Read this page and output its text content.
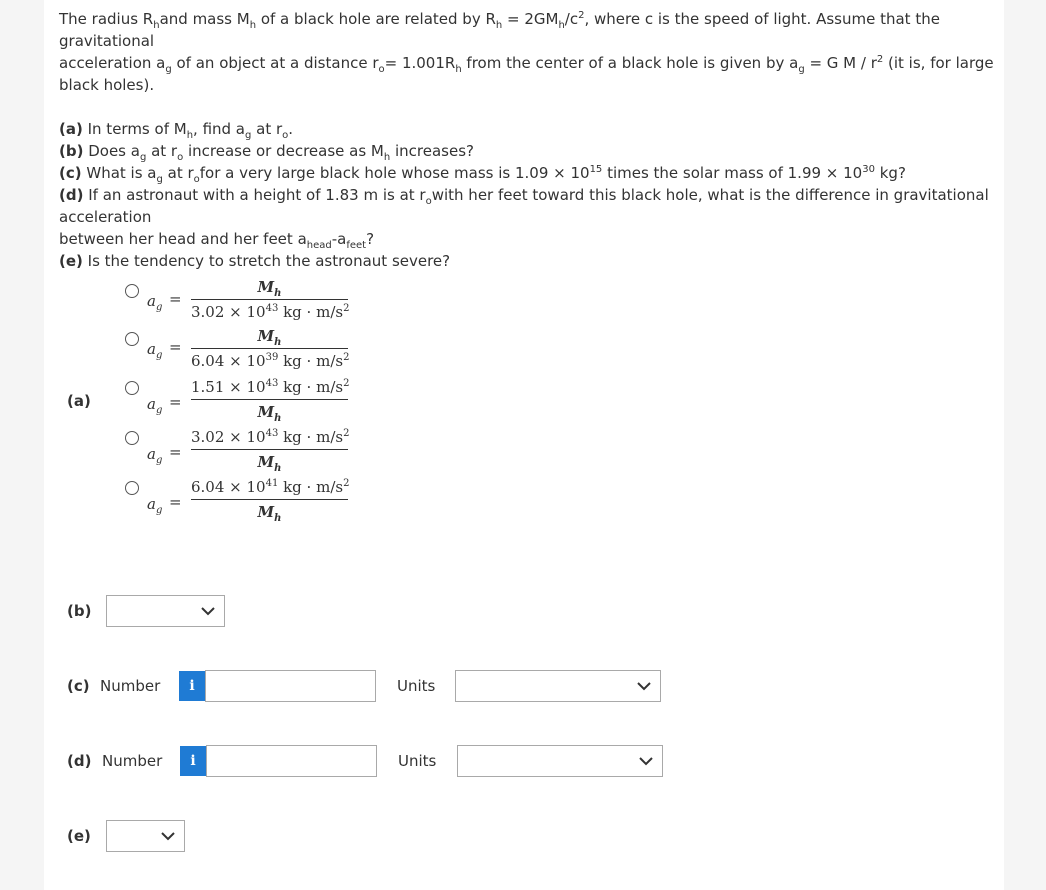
The radius $R_hand$ mass $M_h$ of a black hole are related by $R_h = 2GM_h/c^2$, where c is the speed of light. Assume that the gravitational

acceleration $a_g$ of an object at a distance $r_o= 1.001R_h$ from the center of a black hole is given by $a_g = G$ M / $r^2$ (it is, for large black holes).

(a) In terms of $M_h$, find $a_g$ at $r_o$.

(b) Does $a_g$ at $r_o$ increase or decrease as $M_h$ increases?

(c) What is $a_g$ at $r_ofor$ a very large black hole whose mass is $1.09 \times 10^{15}$ times the solar mass of $1.99 \times 10^{30}$ kg?

(d) If an astronaut with a height of 1.83 m is at $r_owith$ her feet toward this black hole, what is the difference in gravitational acceleration

between her head and her feet $a_{head}-a_{feet}$?

(e) Is the tendency to stretch the astronaut severe?

(a)
$a_g$ =
$M_h$
$3.02 \times 10^{43}$ kg · $m/s^2$
$a_g$ =
$M_h$
$6.04 \times 10^{39}$ kg · $m/s^2$
$a_g$ =
$1.51 \times 10^{43}$ kg · $m/s^2$
$M_h$
$a_g$ =
$3.02 \times 10^{43}$ kg · $m/s^2$
$M_h$
$a_g$ =
$6.04 \times 10^{41}$ kg · $m/s^2$
$M_h$
(b)
(c) Number	i	Units
(d) Number	i	Units
(e)
